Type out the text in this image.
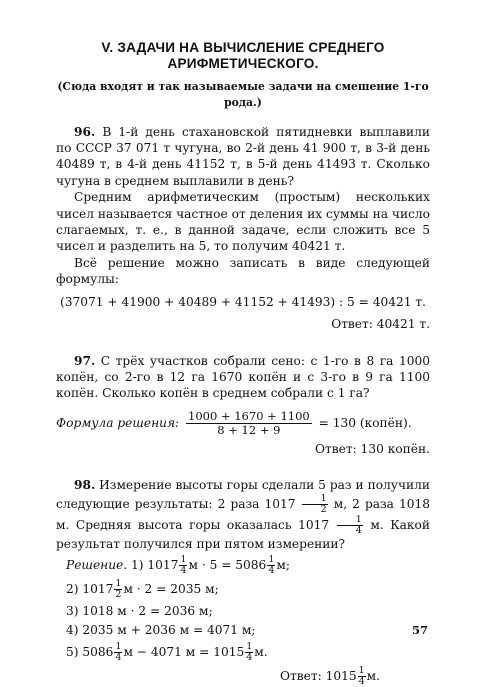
V. ЗАДАЧИ НА ВЫЧИСЛЕНИЕ СРЕДНЕГО АРИФМЕТИЧЕСКОГО.
(Сюда входят и так называемые задачи на смешение 1-го рода.)

96. В 1-й день стахановской пятидневки выплавили по СССР 37 071 т чугуна, во 2-й день 41 900 т, в 3-й день 40489 т, в 4-й день 41152 т, в 5-й день 41493 т. Сколько чугуна в среднем выплавили в день?

Средним арифметическим (простым) нескольких чисел называется частное от деления их суммы на число слагаемых, т. е., в данной задаче, если сложить все 5 чисел и разделить на 5, то получим 40421 т.

Всё решение можно записать в виде следующей формулы:

(37071 + 41900 + 40489 + 41152 + 41493) : 5 = 40421 т.
Ответ: 40421 т.

97. С трёх участков собрали сено: с 1-го в 8 га 1000 копён, со 2-го в 12 га 1670 копён и с 3-го в 9 га 1100 копён. Сколько копён в среднем собрали с 1 га?

Формула решения: $\frac{1000 + 1670 + 1100}{8 + 12 + 9} = 130$ (копён).
Ответ: 130 копён.

98. Измерение высоты горы сделали 5 раз и получили следующие результаты: 2 раза $1017 \frac{1}{2} м$, 2 раза 1018 м. Средняя высота горы оказалась $1017 \frac{1}{4} м$. Какой результат получился при пятом измерении?

Решение. 1) $1017 \frac{1}{4}$ $м \cdot 5 = 5086 \frac{1}{4} м$;
2) $1017 \frac{1}{2}$ м · 2 = 2035 м;
3) 1018 м · 2 = 2036 м;
4) 2035 м + 2036 м = 4071 м;
5) $5086 \frac{1}{4}$ м − 4071 $м = 1015 \frac{1}{4} м$.
Ответ: $1015 \frac{1}{4} м$.
57
